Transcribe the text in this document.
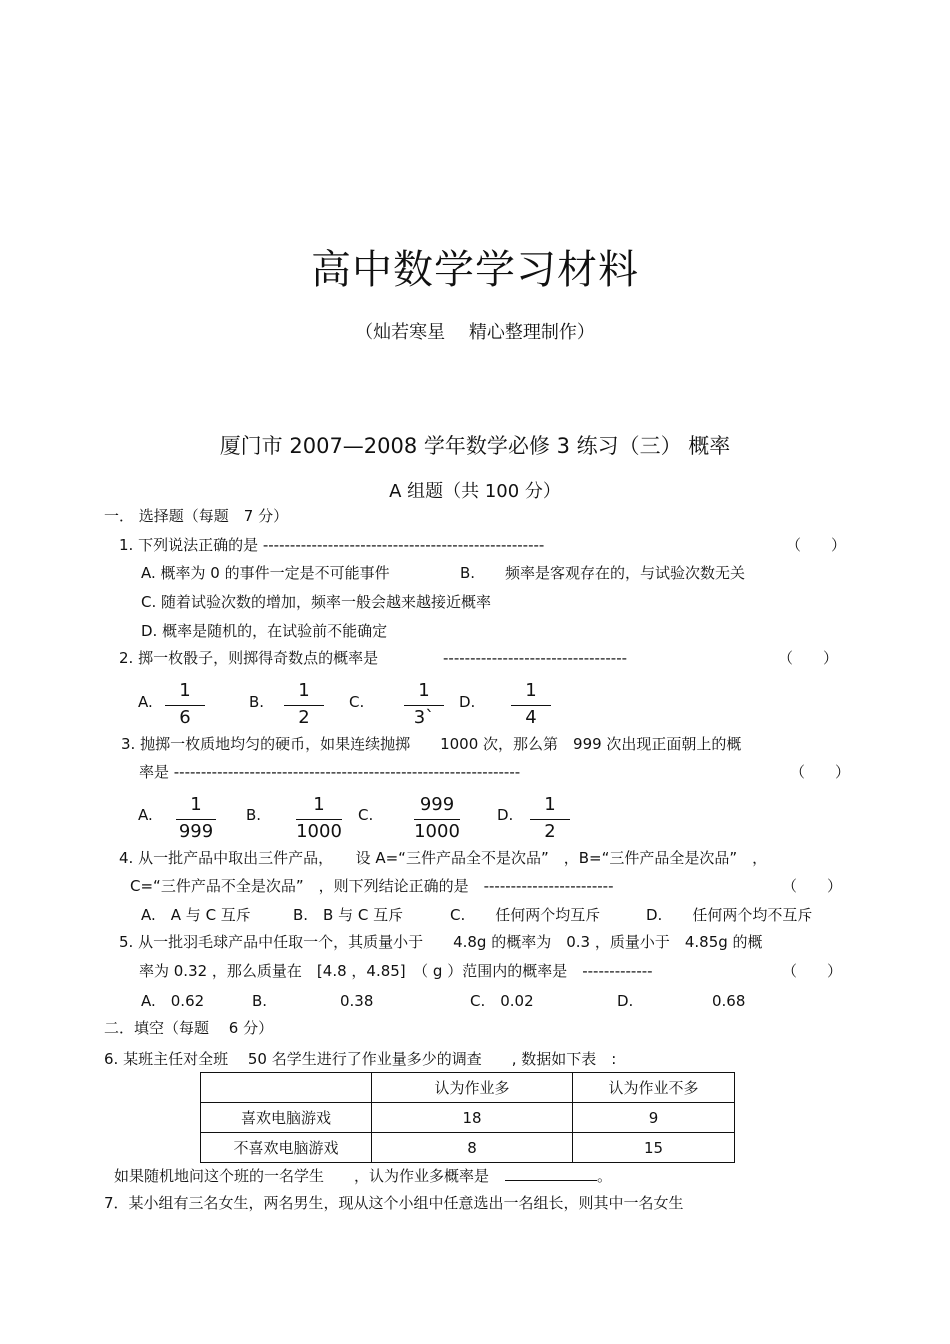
高中数学学习材料
（灿若寒星　 精心整理制作）
厦门市 2007—2008 学年数学必修 3 练习（三） 概率
A 组题（共 100 分）
一． 选择题（每题　7 分）
1. 下列说法正确的是 ----------------------------------------------------	（　　）
A. 概率为 0 的事件一定是不可能事件	B.　　频率是客观存在的，与试验次数无关
C. 随着试验次数的增加，频率一般会越来越接近概率
D. 概率是随机的，在试验前不能确定
2. 掷一枚骰子，则掷得奇数点的概率是	----------------------------------	（　　）
A.
1
6
B.
1
2
C.
1
3`
D.
1
4
3. 抛掷一枚质地均匀的硬币，如果连续抛掷　　1000 次，那么第　999 次出现正面朝上的概
率是 ----------------------------------------------------------------	（　　）
A.	1
999
B.	1
1000
C.	999
1000
D.	1
2
4. 从一批产品中取出三件产品，　　设 A=“三件产品全不是次品”　，B=“三件产品全是次品”　，
C=“三件产品不全是次品”　，则下列结论正确的是　------------------------	（　　）
A.　A 与 C 互斥	B.　B 与 C 互斥	C.　　任何两个均互斥	D.　　任何两个均不互斥
5. 从一批羽毛球产品中任取一个，其质量小于　　4.8g 的概率为　0.3 ，质量小于　4.85g 的概
率为 0.32 ，那么质量在　[4.8 ，4.85]　（ g ）范围内的概率是　-------------	（　　）
A.　0.62	B.	0.38	C.　0.02	D.	0.68
二．填空（每题　 6 分）
6. 某班主任对全班　 50 名学生进行了作业量多少的调查　　, 数据如下表　:
	认为作业多	认为作业不多
喜欢电脑游戏	18	9
不喜欢电脑游戏	8	15
如果随机地问这个班的一名学生　　，认为作业多概率是	。
7．某小组有三名女生，两名男生，现从这个小组中任意选出一名组长，则其中一名女生
